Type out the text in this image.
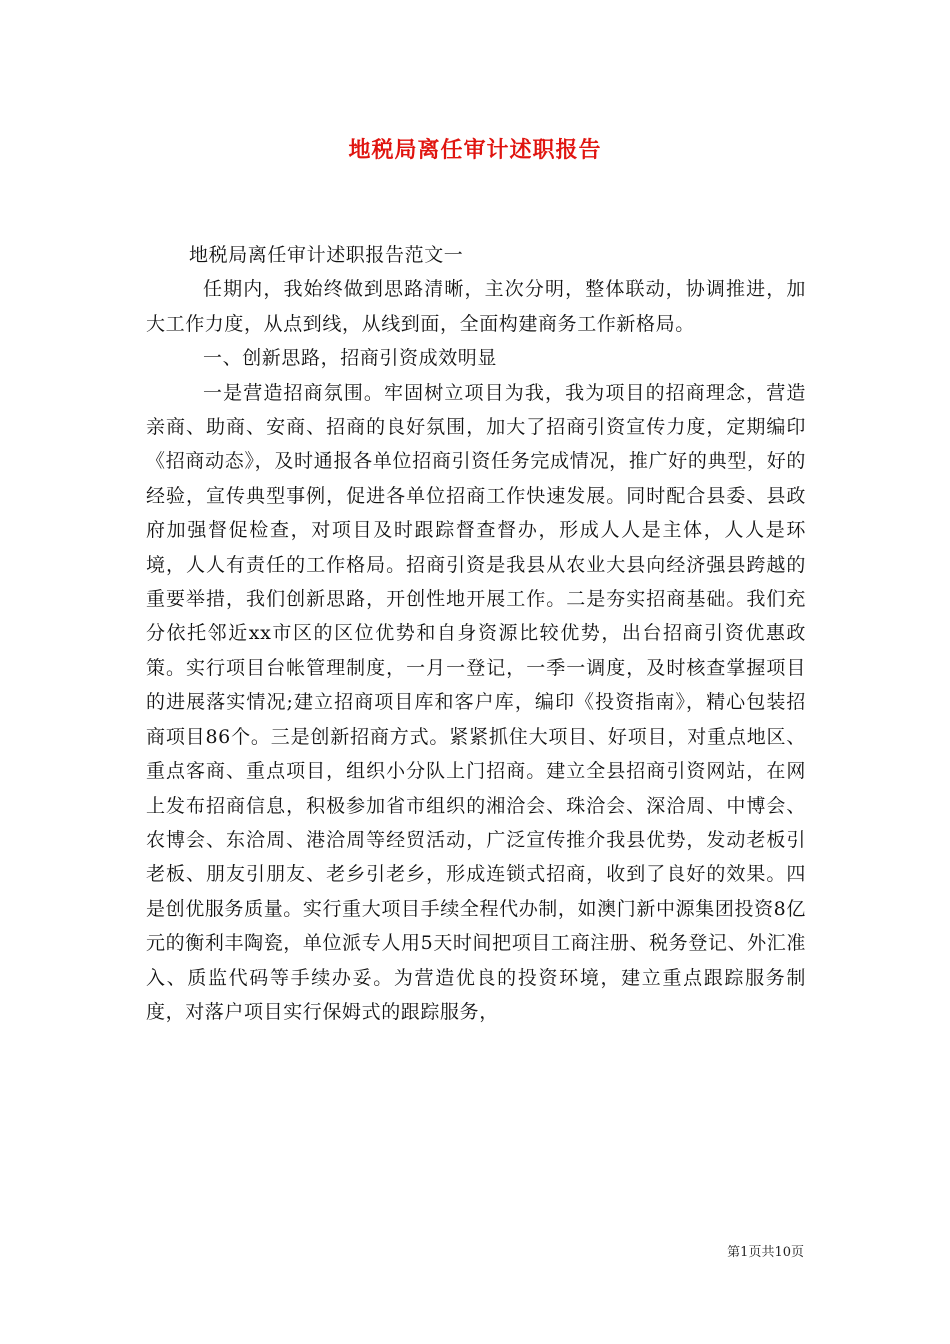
地税局离任审计述职报告

地税局离任审计述职报告范文一

任期内，我始终做到思路清晰，主次分明，整体联动，协调推进，加大工作力度，从点到线，从线到面，全面构建商务工作新格局。

一、创新思路，招商引资成效明显

一是营造招商氛围。牢固树立项目为我，我为项目的招商理念，营造亲商、助商、安商、招商的良好氛围，加大了招商引资宣传力度，定期编印《招商动态》，及时通报各单位招商引资任务完成情况，推广好的典型，好的经验，宣传典型事例，促进各单位招商工作快速发展。同时配合县委、县政府加强督促检查，对项目及时跟踪督查督办，形成人人是主体，人人是环境，人人有责任的工作格局。招商引资是我县从农业大县向经济强县跨越的重要举措，我们创新思路，开创性地开展工作。二是夯实招商基础。我们充分依托邻近xx市区的区位优势和自身资源比较优势，出台招商引资优惠政策。实行项目台帐管理制度，一月一登记，一季一调度，及时核查掌握项目的进展落实情况;建立招商项目库和客户库，编印《投资指南》，精心包装招商项目86个。三是创新招商方式。紧紧抓住大项目、好项目，对重点地区、重点客商、重点项目，组织小分队上门招商。建立全县招商引资网站，在网上发布招商信息，积极参加省市组织的湘洽会、珠洽会、深洽周、中博会、农博会、东洽周、港洽周等经贸活动，广泛宣传推介我县优势，发动老板引老板、朋友引朋友、老乡引老乡，形成连锁式招商，收到了良好的效果。四是创优服务质量。实行重大项目手续全程代办制，如澳门新中源集团投资8亿元的衡利丰陶瓷，单位派专人用5天时间把项目工商注册、税务登记、外汇准入、质监代码等手续办妥。为营造优良的投资环境，建立重点跟踪服务制度，对落户项目实行保姆式的跟踪服务，

第1页共10页
